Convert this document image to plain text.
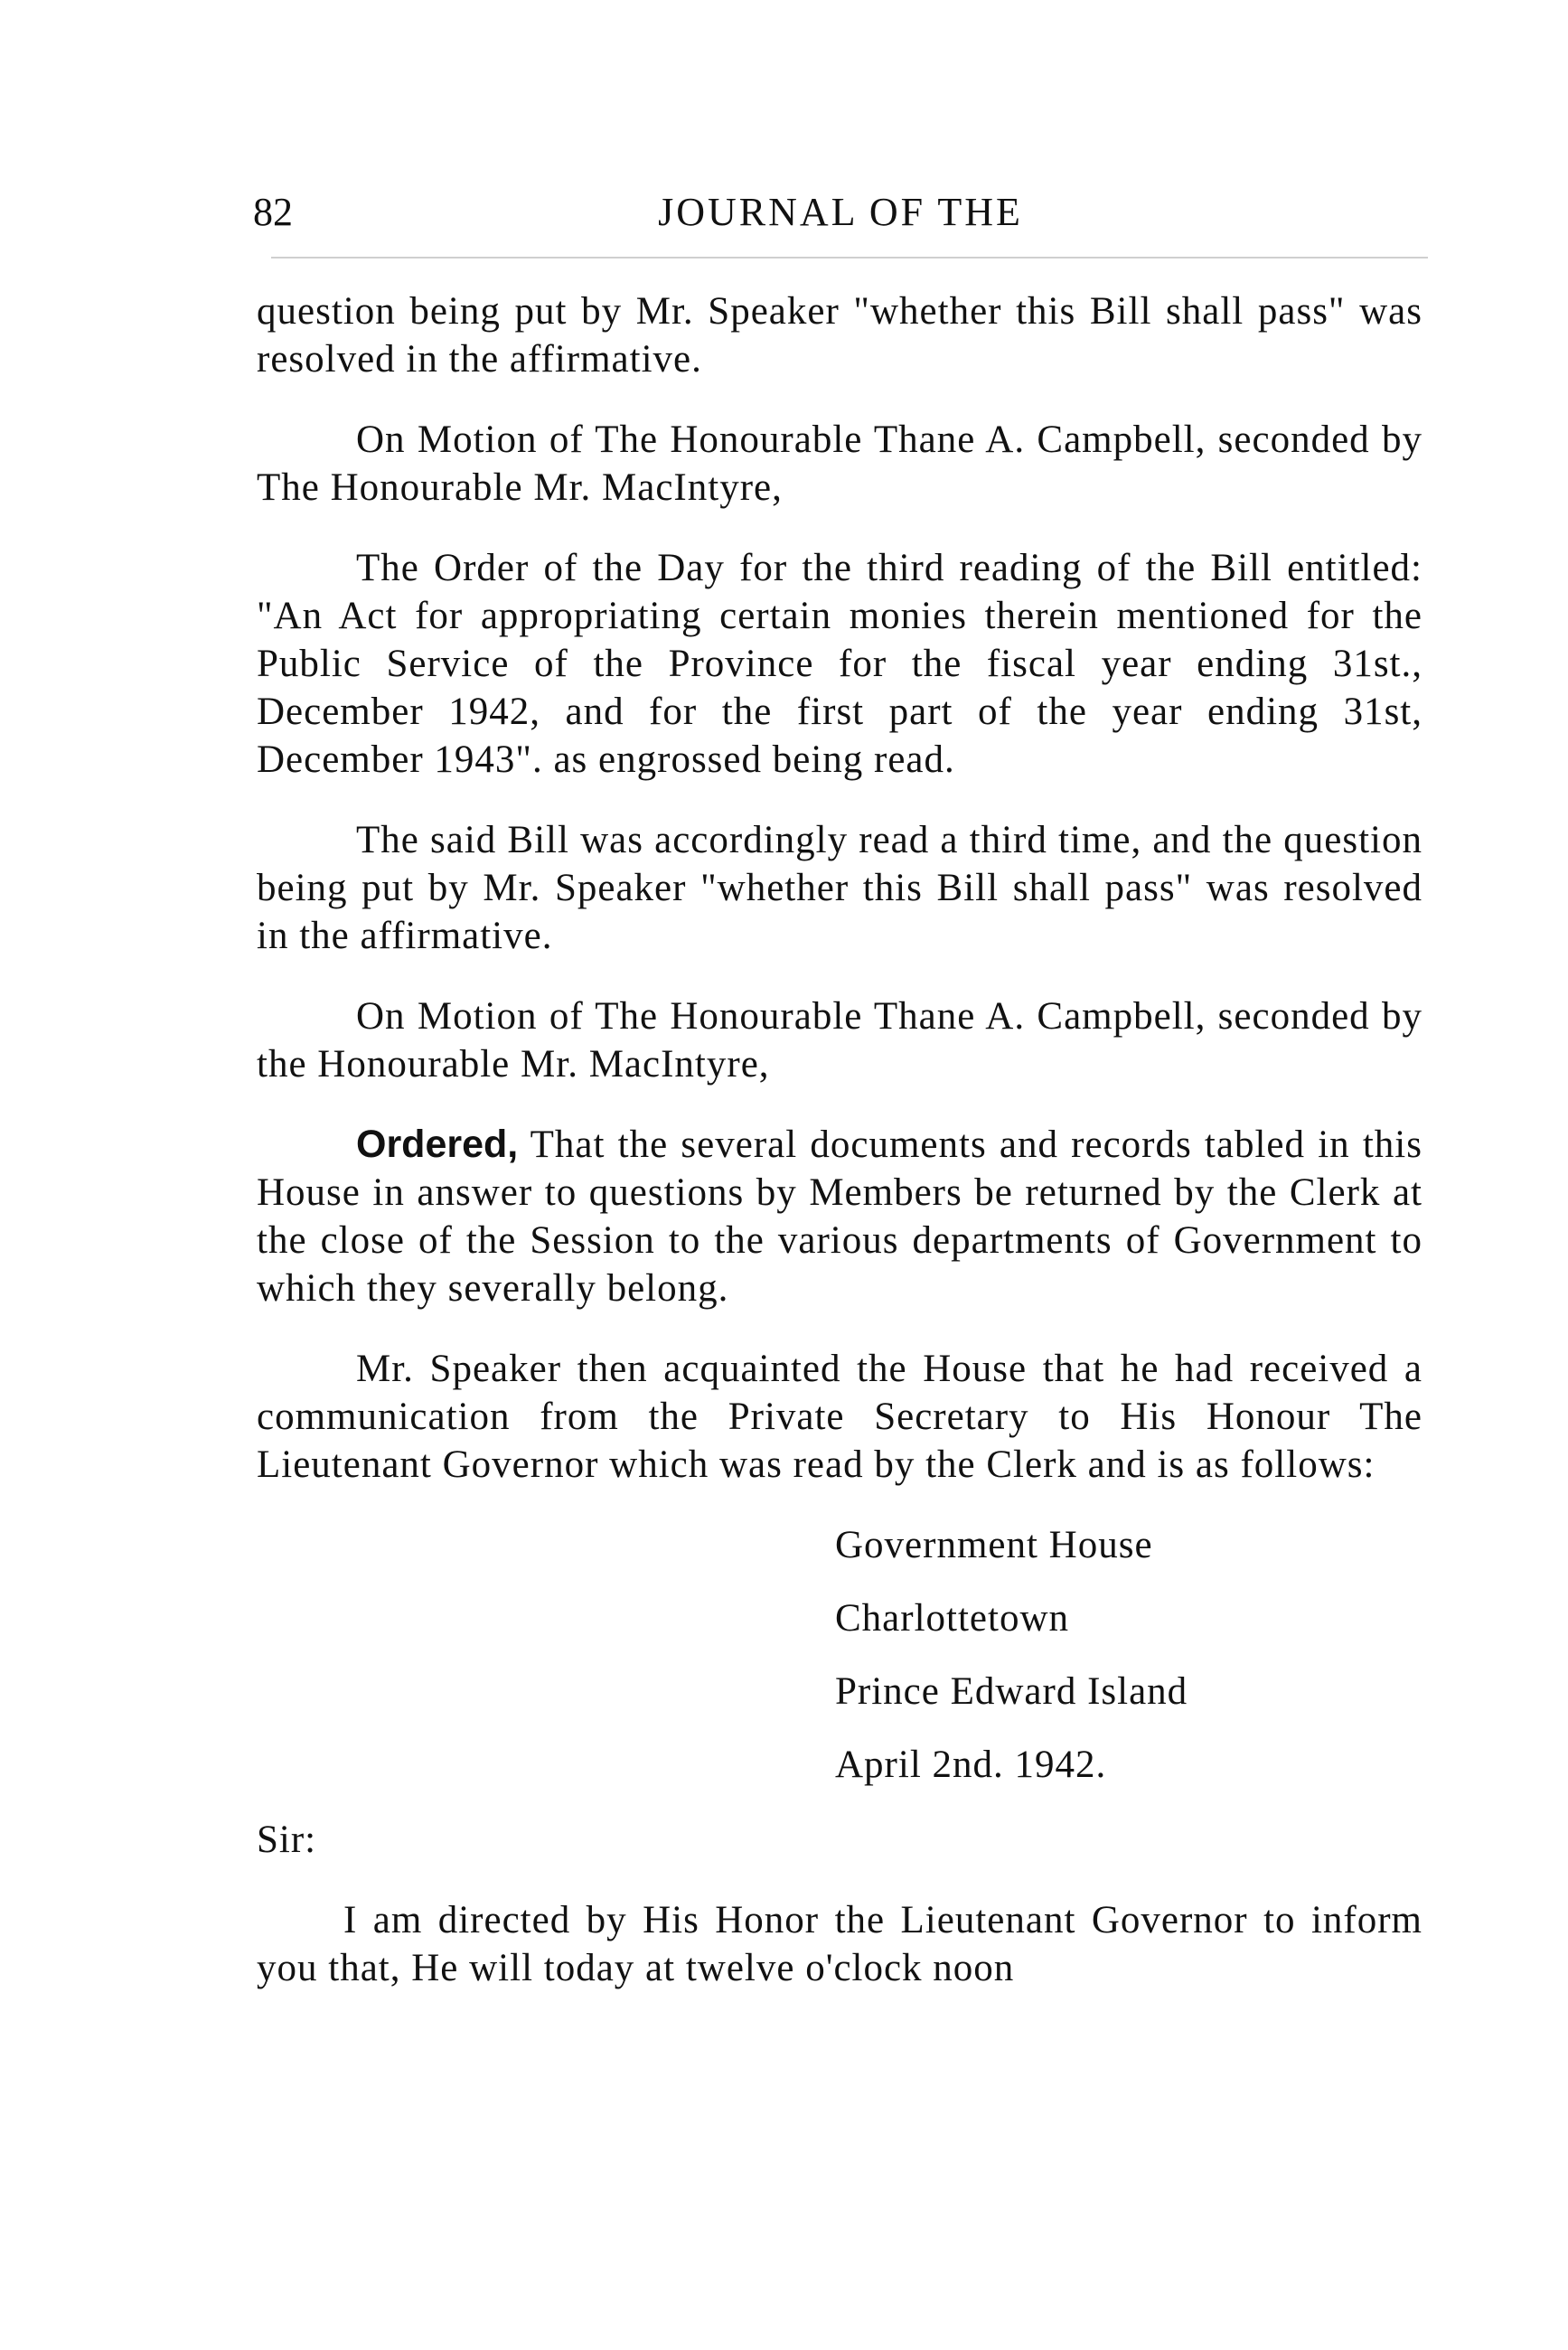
82	JOURNAL OF THE

question being put by Mr. Speaker "whether this Bill shall pass" was resolved in the affirmative.

On Motion of The Honourable Thane A. Campbell, seconded by The Honourable Mr. MacIntyre,

The Order of the Day for the third reading of the Bill entitled: "An Act for appropriating certain monies therein mentioned for the Public Service of the Province for the fiscal year ending 31st., December 1942, and for the first part of the year ending 31st, December 1943". as engrossed being read.

The said Bill was accordingly read a third time, and the question being put by Mr. Speaker "whether this Bill shall pass" was resolved in the affirmative.

On Motion of The Honourable Thane A. Campbell, seconded by the Honourable Mr. MacIntyre,

Ordered, That the several documents and records tabled in this House in answer to questions by Members be returned by the Clerk at the close of the Session to the various departments of Government to which they severally belong.

Mr. Speaker then acquainted the House that he had received a communication from the Private Secretary to His Honour The Lieutenant Governor which was read by the Clerk and is as follows:

Government House
Charlottetown
Prince Edward Island
April 2nd. 1942.

Sir:

I am directed by His Honor the Lieutenant Governor to inform you that, He will today at twelve o'clock noon
